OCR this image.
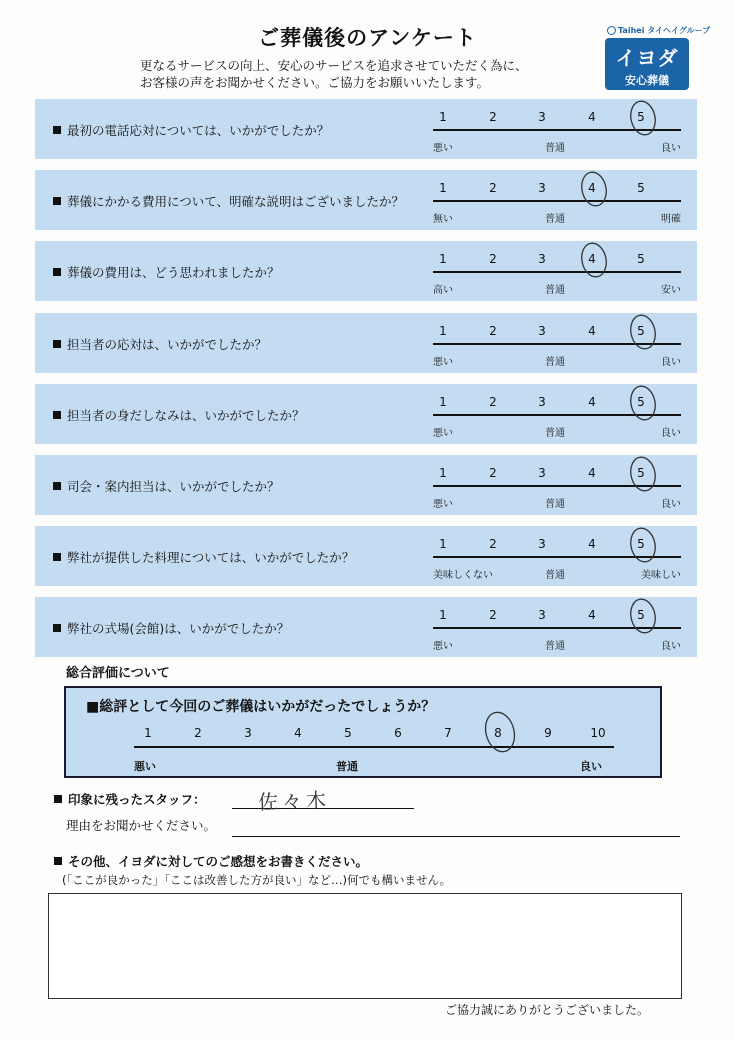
ご葬儀後のアンケート
更なるサービスの向上、安心のサービスを追求させていただく為に、
お客様の声をお聞かせください。ご協力をお願いいたします。
Taihei タイヘイグループ
イヨダ
安心葬儀
最初の電話応対については、いかがでしたか？
1	2	3	4	5
悪い	普通	良い
葬儀にかかる費用について、明確な説明はございましたか？
1	2	3	4	5
無い	普通	明確
葬儀の費用は、どう思われましたか？
1	2	3	4	5
高い	普通	安い
担当者の応対は、いかがでしたか？
1	2	3	4	5
悪い	普通	良い
担当者の身だしなみは、いかがでしたか？
1	2	3	4	5
悪い	普通	良い
司会・案内担当は、いかがでしたか？
1	2	3	4	5
悪い	普通	良い
弊社が提供した料理については、いかがでしたか？
1	2	3	4	5
美味しくない	普通	美味しい
弊社の式場(会館)は、いかがでしたか？
1	2	3	4	5
悪い	普通	良い
総合評価について
■総評として今回のご葬儀はいかがだったでしょうか？
1	2	3	4	5	6	7	8	9	10
悪い	普通	良い
印象に残ったスタッフ：	佐々木
理由をお聞かせください。
その他、イヨダに対してのご感想をお書きください。
(「ここが良かった」「ここは改善した方が良い」など…)何でも構いません。
ご協力誠にありがとうございました。
